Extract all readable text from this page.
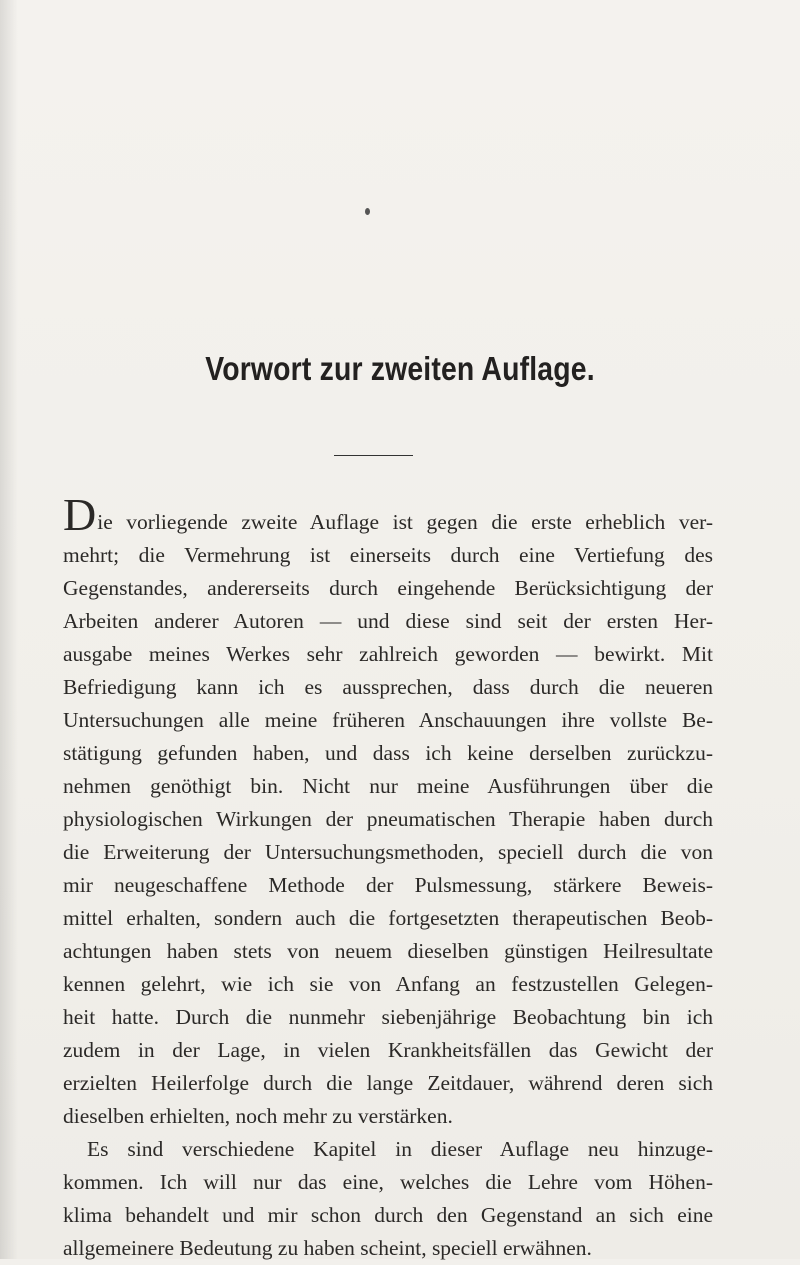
Vorwort zur zweiten Auflage.
Die vorliegende zweite Auflage ist gegen die erste erheblich ver-
mehrt; die Vermehrung ist einerseits durch eine Vertiefung des
Gegenstandes, andererseits durch eingehende Berücksichtigung der
Arbeiten anderer Autoren — und diese sind seit der ersten Her-
ausgabe meines Werkes sehr zahlreich geworden — bewirkt. Mit
Befriedigung kann ich es aussprechen, dass durch die neueren
Untersuchungen alle meine früheren Anschauungen ihre vollste Be-
stätigung gefunden haben, und dass ich keine derselben zurückzu-
nehmen genöthigt bin. Nicht nur meine Ausführungen über die
physiologischen Wirkungen der pneumatischen Therapie haben durch
die Erweiterung der Untersuchungsmethoden, speciell durch die von
mir neugeschaffene Methode der Pulsmessung, stärkere Beweis-
mittel erhalten, sondern auch die fortgesetzten therapeutischen Beob-
achtungen haben stets von neuem dieselben günstigen Heilresultate
kennen gelehrt, wie ich sie von Anfang an festzustellen Gelegen-
heit hatte. Durch die nunmehr siebenjährige Beobachtung bin ich
zudem in der Lage, in vielen Krankheitsfällen das Gewicht der
erzielten Heilerfolge durch die lange Zeitdauer, während deren sich
dieselben erhielten, noch mehr zu verstärken.
Es sind verschiedene Kapitel in dieser Auflage neu hinzuge-
kommen. Ich will nur das eine, welches die Lehre vom Höhen-
klima behandelt und mir schon durch den Gegenstand an sich eine
allgemeinere Bedeutung zu haben scheint, speciell erwähnen.
